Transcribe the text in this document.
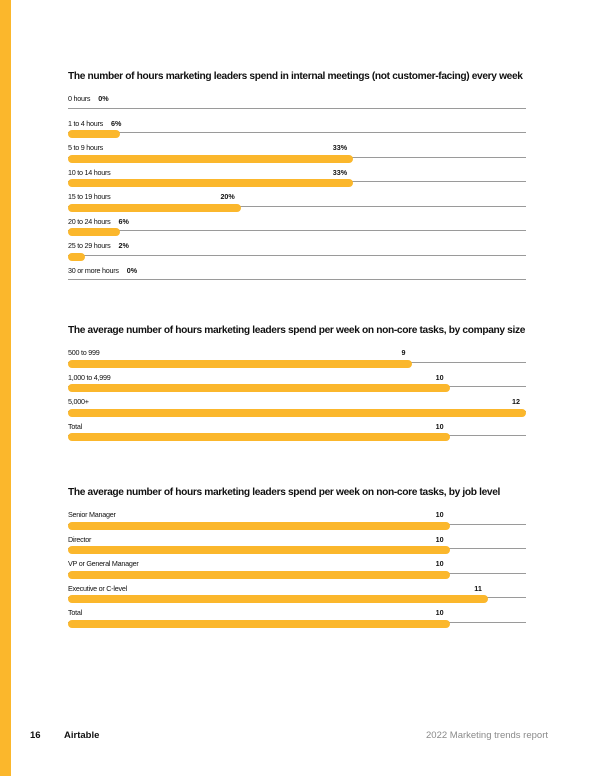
The number of hours marketing leaders spend in internal meetings (not customer-facing) every week
0 hours 0%
1 to 4 hours 6%
5 to 9 hours	33%
10 to 14 hours	33%
15 to 19 hours	20%
20 to 24 hours 6%
25 to 29 hours 2%
30 or more hours 0%
The average number of hours marketing leaders spend per week on non-core tasks, by company size
500 to 999	9
1,000 to 4,999	10
5,000+	12
Total	10
The average number of hours marketing leaders spend per week on non-core tasks, by job level
Senior Manager	10
Director	10
VP or General Manager	10
Executive or C-level	11
Total	10
16 Airtable	2022 Marketing trends report
